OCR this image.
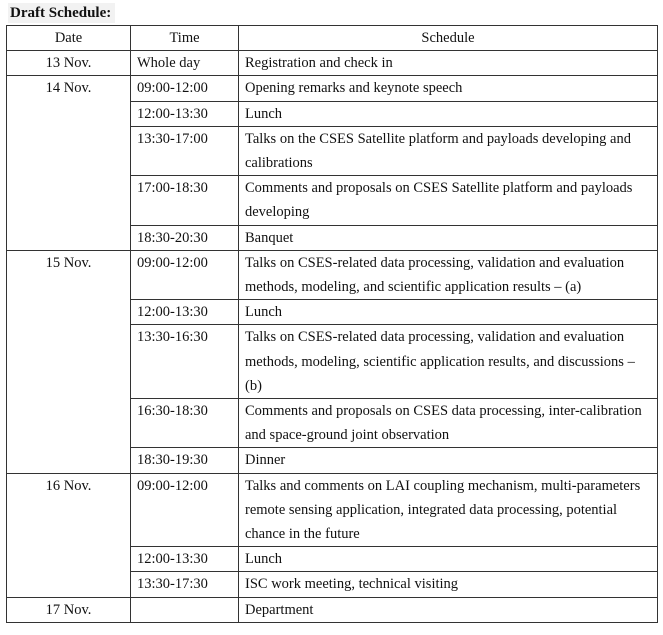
Draft Schedule:
Date	Time	Schedule
13 Nov.	Whole day	Registration and check in
14 Nov.	09:00-12:00	Opening remarks and keynote speech
	12:00-13:30	Lunch
	13:30-17:00	Talks on the CSES Satellite platform and payloads developing and calibrations
	17:00-18:30	Comments and proposals on CSES Satellite platform and payloads developing
	18:30-20:30	Banquet
15 Nov.	09:00-12:00	Talks on CSES-related data processing, validation and evaluation methods, modeling, and scientific application results – (a)
	12:00-13:30	Lunch
	13:30-16:30	Talks on CSES-related data processing, validation and evaluation methods, modeling, scientific application results, and discussions – (b)
	16:30-18:30	Comments and proposals on CSES data processing, inter-calibration and space-ground joint observation
	18:30-19:30	Dinner
16 Nov.	09:00-12:00	Talks and comments on LAI coupling mechanism, multi-parameters remote sensing application, integrated data processing, potential chance in the future
	12:00-13:30	Lunch
	13:30-17:30	ISC work meeting, technical visiting
17 Nov.		Department
